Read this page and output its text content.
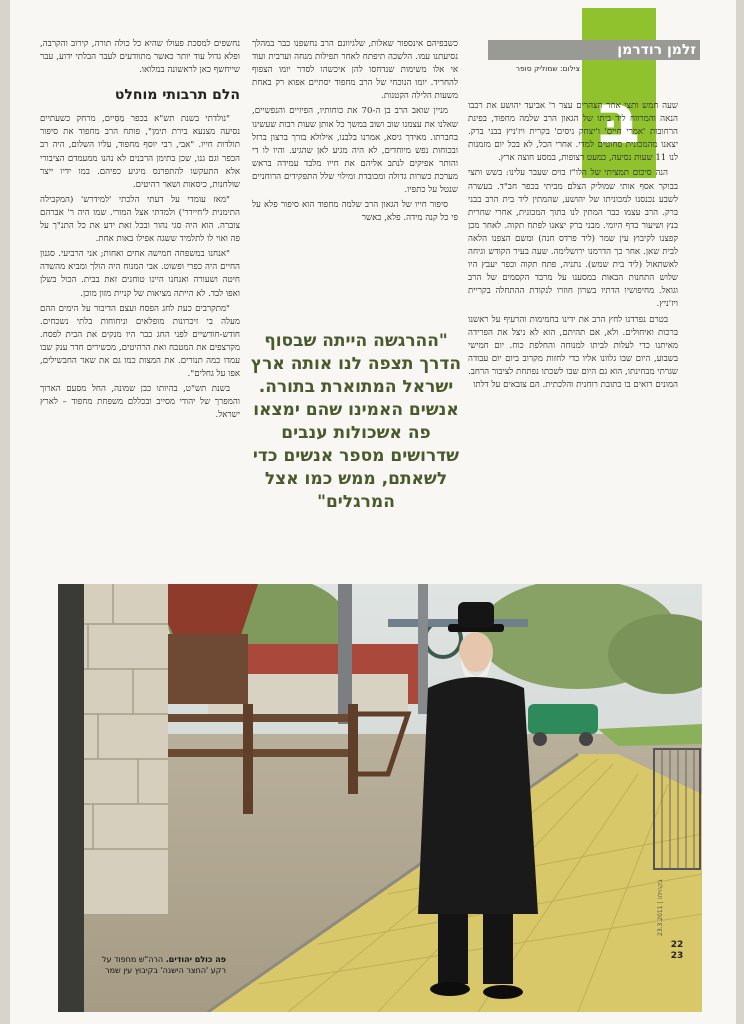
בּ
זלמן רודרמן
צילום: שמוליק סופר

שעה חמש ותצי אחר הצהרים עצר ר' אביעד יהושע את רכבו הנאה והמרווח ליד ביתו של הגאון הרב שלמה מחפוד, בפינת הרחובות 'אמרי חיים' ו'יצחק ניסים' בקרית ויז'ניץ בבני ברק. יצאנו מהמכונית סחוטים למדי. אחרי הכל, לא בכל יום מזמנות לנו 11 שעות נסיעה, כמעט רצופות, במסע חוצה ארץ.

הנה סיכום תמציתי של הלו"ז בוים שעבר עלינו: בשש ותצי בבוקר אסף אותי שמוליק הצלם מביתי בכפר חב"ד. בעשרה לשבע נכנסנו למכוניתו של יהושע, שהמתין ליד בית הרב בבני ברק. הרב עצמו כבר המתין לנו בתוך המכונית, אחרי שחרית בנץ ושיעור בדף היומי. מבני ברק יצאנו לפתח תקוה. לאחר מכן קפצנו לקיבוץ עין שמר (ליד פרדס חנה) ומשם הצפנו הלאה לבית שאן. אחר כך הדרמנו ירושלימה. שעה בעיר הקודש וגיחה לאשתאול (ליד בית שמש). נתניה, פתח תקוה וכפר יעבץ היו שלוש התחנות הבאות במסענו על מרבד הקסמים של הרב וגואל. מחיפושיו הדתיו בשרון חוזרו לנקודת ההתחלה בקריית ויז'ניץ.

בטרם נפרדנו לחץ הרב את ידינו בחמימות והרעיף על ראשנו ברכות ואיחולים. ולא, אם תהיתם, הוא לא ניצל את הפרידה מאיתנו כדי לעלות לביתו למנוחה והחלפת כוח. יום חמישי בשבוע, היום שבו גלוונו אליו כדי לחזות מקרוב ביום יום עבודה שגרתי מבחינתו, הוא גם היום שבו לשכתו נפתחת לציבור הרחב. המונים רואים בו כתובת רוחנית והלכתית. הם צובאים על דלתו

כשבפיהם אינספור שאלות, שלגיוונם הרב נחשפנו כבר במהלך נסיעתנו עמו. הלשכה תיפתח לאחר תפילות מנחה וערבית ועוד אי אלו משימות שנדחסו להן איכשהו לסדר יומו הצפוף להחריד. יומו הנוכחי של הרב מחפוד יסתיים אפוא רק באחת משעות הלילה הקטנות.

מניין שואב הרב בן ה-70 את כוחותיו, הפיזיים והנפשיים, שאלנו את עצמנו שוב ושוב במשך כל אותן שעות רבות שעשינו בחברתו. מאידך גיסא, אמרנו בלבנו, אילולא בורך ברצון ברזל ובכוחות נפש מיוחדים, לא היה מגיע לאן שהגיע. והיו לו די והותר אפיקים לנתב אליהם את חייו מלבד עמידה בראש מערכת כשרות גדולה ומכובדת ומילוי שלל התפקידים הרוחניים שנטל על כתפיו.

סיפור חייו של הגאון הרב שלמה מחפוד הוא סיפור פלא על פי כל קנה מידה. פלא, כאשר

"ההרגשה הייתה שבסוף הדרך תצפה לנו אותה ארץ ישראל המתוארת בתורה. אנשים האמינו שהם ימצאו פה אשכולות ענבים שדרושים מספר אנשים כדי לשאתם, ממש כמו אצל המרגלים"

נחשפים למסכת פעולו שהיא כל כולה תורה, קירוב והקרבה, ופלא גדול עוד יותר כאשר מתוודעים לעבר הבלתי ידוע, עבר שייחשף כאן לראשונה במלואו.

הלם תרבותי מוחלט

"נולדתי בשנת תש"א בכפר מַסִּייִם, מרחק כשעתיים נסיעה מצנעא בירת תימן", פותח הרב מחפוד את סיפור תולדות חייו. "אבי, רבי יוסף מחפוד, עליו השלום, היה רב הכפר וגם גנו, שכן בתימן הרבנים לא נהנו ממעמדם הציבורי אלא התעקשו להתפרנס מיגיע כפיהם. במו ידיו ייצר שולחנות, כיסאות ושאר רהיטים.

"מאז עומדי על דעתי הלכתי 'למידרש' (המקבילה התימנית ל'חיידר') ולמדתי אצל המורי. שמו היה ר' אברהם צוברה. הוא היה סגי נהור ובכל זאת ידע את כל התנ"ך על פה ואוי לו לתלמיד ששגה אפילו באות אחת.

"אנחנו במשפחה חמישה אחים ואחות; אני הרביעי. סגנון החיים היה כפרי ופשוט. אבי המנוח היה הולך ומביא מהשדה חיטה ושעורה ואנחנו היינו טוחנים זאת בבית. הכול בשלן ואפו לבד. לא הייתה מציאות של קניית מזון מוכן.

"מתקרבים כעת לחג הפסח ועצם הדיבור על הימים ההם מעלה בי זיכרונות מופלאים וניחוחות בלתי נשכחים. חודש-חודשיים לפני החג כבר היו מנקים את הבית לפסח. מקרצפים את המטבח ואת הרהיטים, מכשירים חדר ענק שבו עמדו כמה תנורים. את המצות כמו גם את שאר החבשילים, אפו על גחלים".

בשנת תש"ט, בהיותו כבן שמונה, החל מסעם הארוך והמפרך של יהודי מסייב ובכללם משפחת מחפוד – לארץ ישראל.

פה כולם יהודים. הרה"ש מחפוד על רקע 'החצר הישנה' בקיבוץ עין שמר
בקהילה | 23.3.2011
22
23
